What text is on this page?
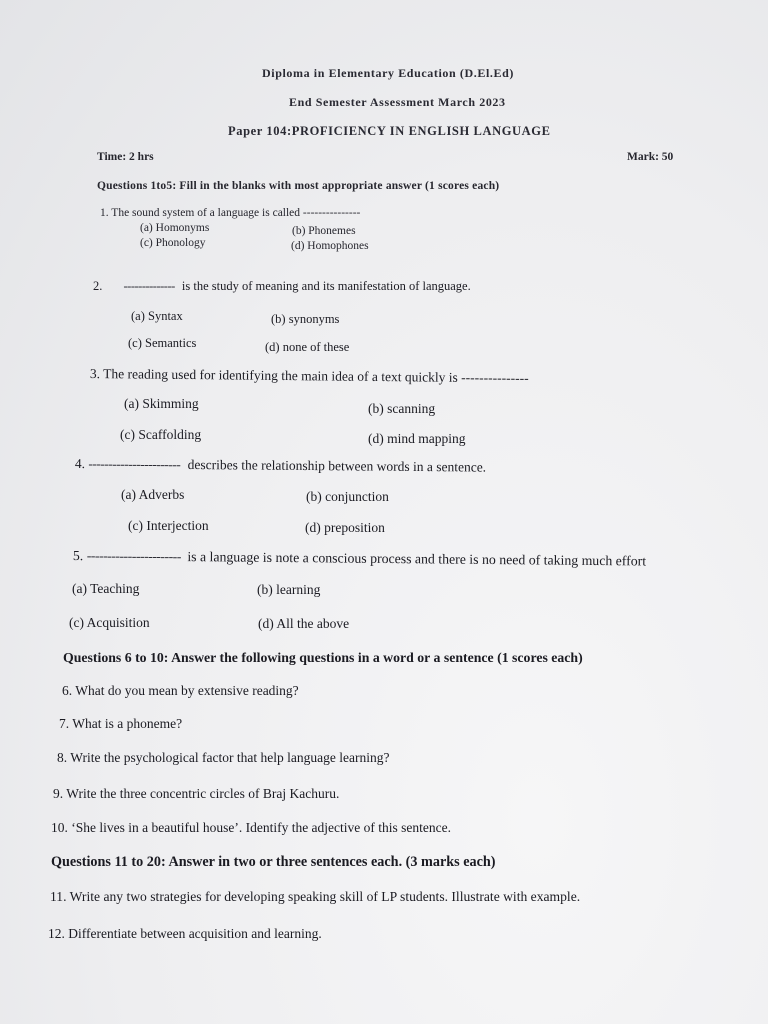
Diploma in Elementary Education (D.El.Ed)
End Semester Assessment March 2023
Paper 104:PROFICIENCY IN ENGLISH LANGUAGE
Time: 2 hrs	Mark: 50
Questions 1to5: Fill in the blanks with most appropriate answer (1 scores each)
1. The sound system of a language is called ---------------
(a) Homonyms	(b) Phonemes
(c) Phonology	(d) Homophones
2. -------------- is the study of meaning and its manifestation of language.
(a) Syntax	(b) synonyms
(c) Semantics	(d) none of these
3. The reading used for identifying the main idea of a text quickly is ---------------
(a) Skimming	(b) scanning
(c) Scaffolding	(d) mind mapping
4. ----------------------- describes the relationship between words in a sentence.
(a) Adverbs	(b) conjunction
(c) Interjection	(d) preposition
5. ----------------------- is a language is note a conscious process and there is no need of taking much effort
(a) Teaching	(b) learning
(c) Acquisition	(d) All the above
Questions 6 to 10: Answer the following questions in a word or a sentence (1 scores each)
6. What do you mean by extensive reading?
7. What is a phoneme?
8. Write the psychological factor that help language learning?
9. Write the three concentric circles of Braj Kachuru.
10. ‘She lives in a beautiful house’. Identify the adjective of this sentence.
Questions 11 to 20: Answer in two or three sentences each. (3 marks each)
11. Write any two strategies for developing speaking skill of LP students. Illustrate with example.
12. Differentiate between acquisition and learning.
